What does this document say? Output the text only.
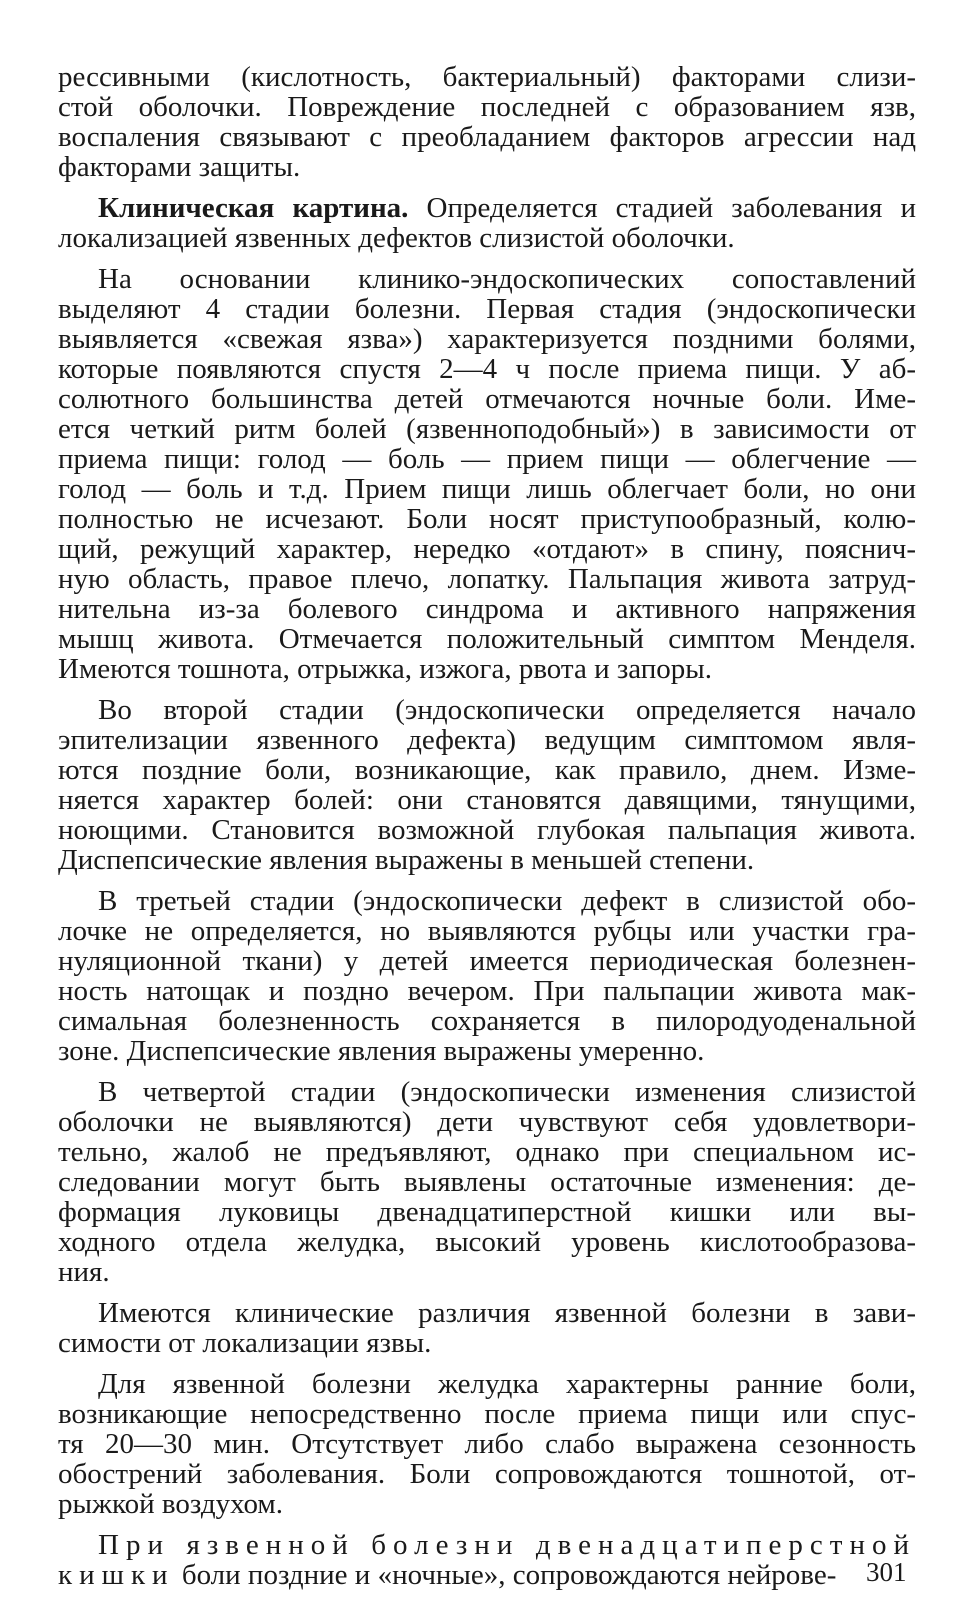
рессивными (кислотность, бактериальный) факторами слизи-
стой оболочки. Повреждение последней с образованием язв,
воспаления связывают с преобладанием факторов агрессии над
факторами защиты.
Клиническая картина. Определяется стадией заболевания и
локализацией язвенных дефектов слизистой оболочки.
На основании клинико-эндоскопических сопоставлений
выделяют 4 стадии болезни. Первая стадия (эндоскопически
выявляется «свежая язва») характеризуется поздними болями,
которые появляются спустя 2—4 ч после приема пищи. У аб-
солютного большинства детей отмечаются ночные боли. Име-
ется четкий ритм болей (язвенноподобный») в зависимости от
приема пищи: голод — боль — прием пищи — облегчение —
голод — боль и т.д. Прием пищи лишь облегчает боли, но они
полностью не исчезают. Боли носят приступообразный, колю-
щий, режущий характер, нередко «отдают» в спину, пояснич-
ную область, правое плечо, лопатку. Пальпация живота затруд-
нительна из-за болевого синдрома и активного напряжения
мышц живота. Отмечается положительный симптом Менделя.
Имеются тошнота, отрыжка, изжога, рвота и запоры.
Во второй стадии (эндоскопически определяется начало
эпителизации язвенного дефекта) ведущим симптомом явля-
ются поздние боли, возникающие, как правило, днем. Изме-
няется характер болей: они становятся давящими, тянущими,
ноющими. Становится возможной глубокая пальпация живота.
Диспепсические явления выражены в меньшей степени.
В третьей стадии (эндоскопически дефект в слизистой обо-
лочке не определяется, но выявляются рубцы или участки гра-
нуляционной ткани) у детей имеется периодическая болезнен-
ность натощак и поздно вечером. При пальпации живота мак-
симальная болезненность сохраняется в пилородуоденальной
зоне. Диспепсические явления выражены умеренно.
В четвертой стадии (эндоскопически изменения слизистой
оболочки не выявляются) дети чувствуют себя удовлетвори-
тельно, жалоб не предъявляют, однако при специальном ис-
следовании могут быть выявлены остаточные изменения: де-
формация луковицы двенадцатиперстной кишки или вы-
ходного отдела желудка, высокий уровень кислотообразова-
ния.
Имеются клинические различия язвенной болезни в зави-
симости от локализации язвы.
Для язвенной болезни желудка характерны ранние боли,
возникающие непосредственно после приема пищи или спус-
тя 20—30 мин. Отсутствует либо слабо выражена сезонность
обострений заболевания. Боли сопровождаются тошнотой, от-
рыжкой воздухом.
При язвенной болезни двенадцатиперстной
кишки боли поздние и «ночные», сопровождаются нейрове-	301
